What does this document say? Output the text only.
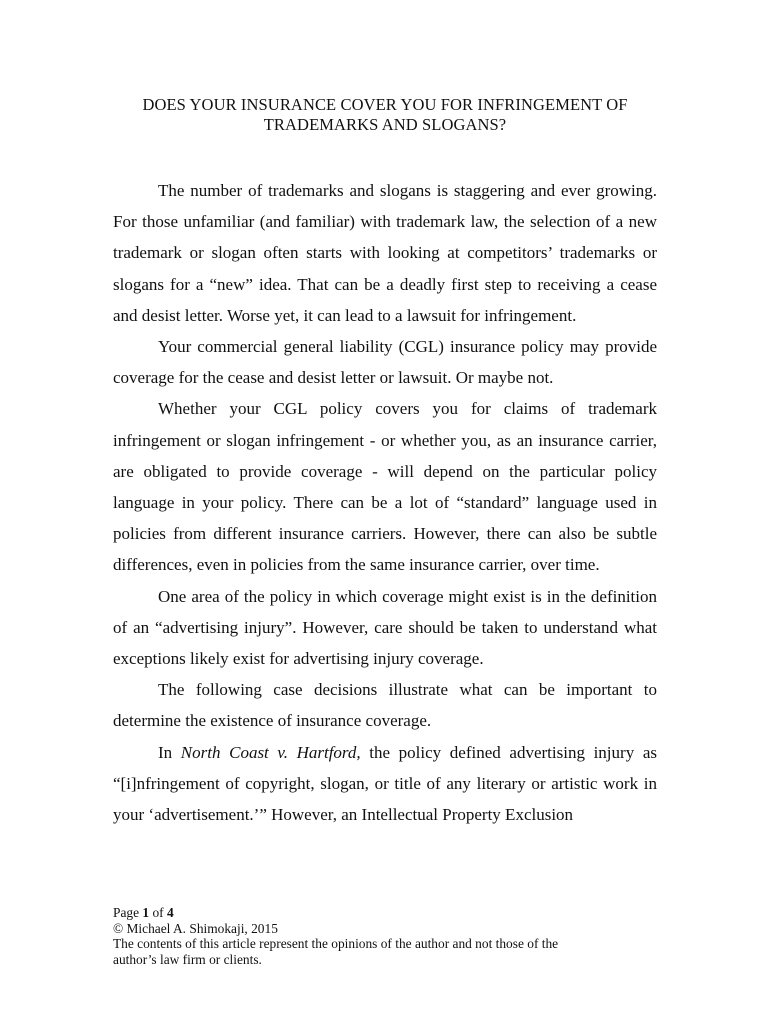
DOES YOUR INSURANCE COVER YOU FOR INFRINGEMENT OF
TRADEMARKS AND SLOGANS?

The number of trademarks and slogans is staggering and ever growing. For those unfamiliar (and familiar) with trademark law, the selection of a new trademark or slogan often starts with looking at competitors’ trademarks or slogans for a “new” idea. That can be a deadly first step to receiving a cease and desist letter. Worse yet, it can lead to a lawsuit for infringement.

Your commercial general liability (CGL) insurance policy may provide coverage for the cease and desist letter or lawsuit. Or maybe not.

Whether your CGL policy covers you for claims of trademark infringement or slogan infringement - or whether you, as an insurance carrier, are obligated to provide coverage - will depend on the particular policy language in your policy. There can be a lot of “standard” language used in policies from different insurance carriers. However, there can also be subtle differences, even in policies from the same insurance carrier, over time.

One area of the policy in which coverage might exist is in the definition of an “advertising injury”. However, care should be taken to understand what exceptions likely exist for advertising injury coverage.

The following case decisions illustrate what can be important to determine the existence of insurance coverage.

In North Coast v. Hartford, the policy defined advertising injury as “[i]nfringement of copyright, slogan, or title of any literary or artistic work in your ‘advertisement.’” However, an Intellectual Property Exclusion

Page 1 of 4
© Michael A. Shimokaji, 2015
The contents of this article represent the opinions of the author and not those of the
author’s law firm or clients.
